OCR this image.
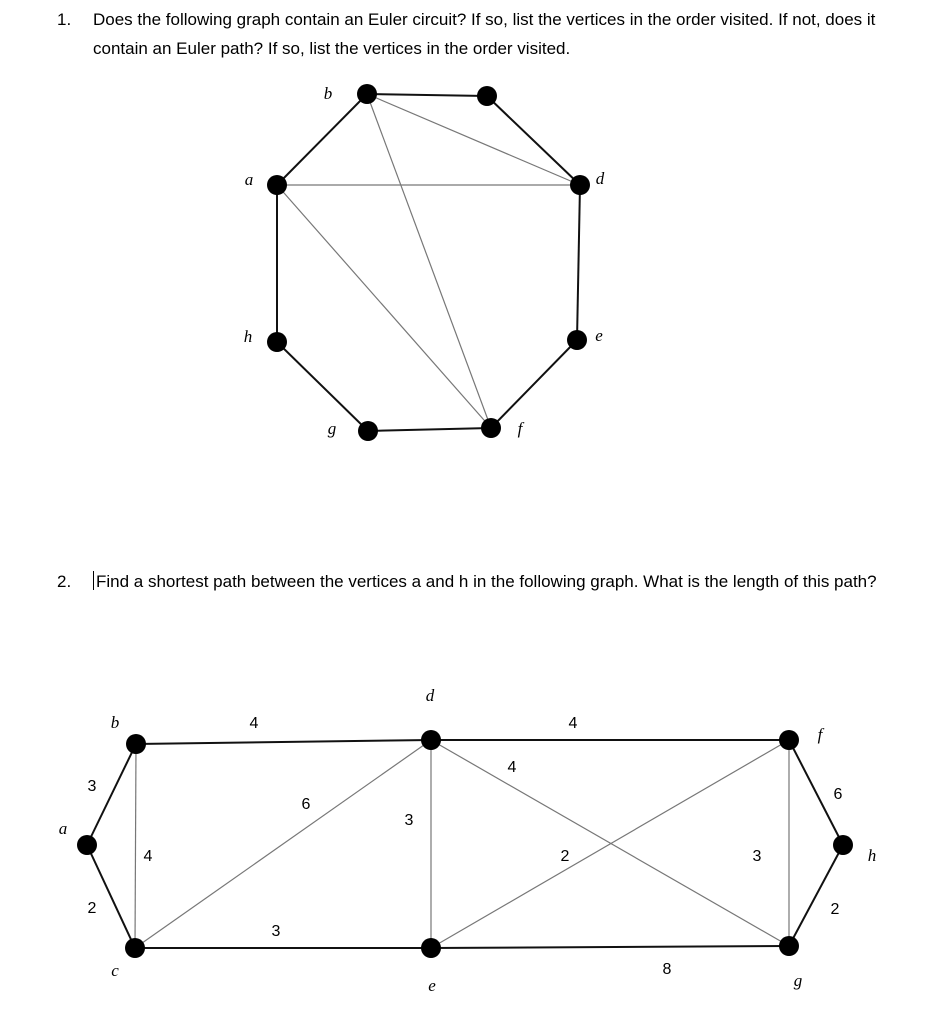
1. Does the following graph contain an Euler circuit? If so, list the vertices in the order visited. If not, does it contain an Euler path? If so, list the vertices in the order visited.
2. Find a shortest path between the vertices a and h in the following graph. What is the length of this path?
a
b
d
e
f
g
h
a
b
c
d
e
f
g
h
3
2
4
4
6
3
3
4
4
2
8
3
6
2
